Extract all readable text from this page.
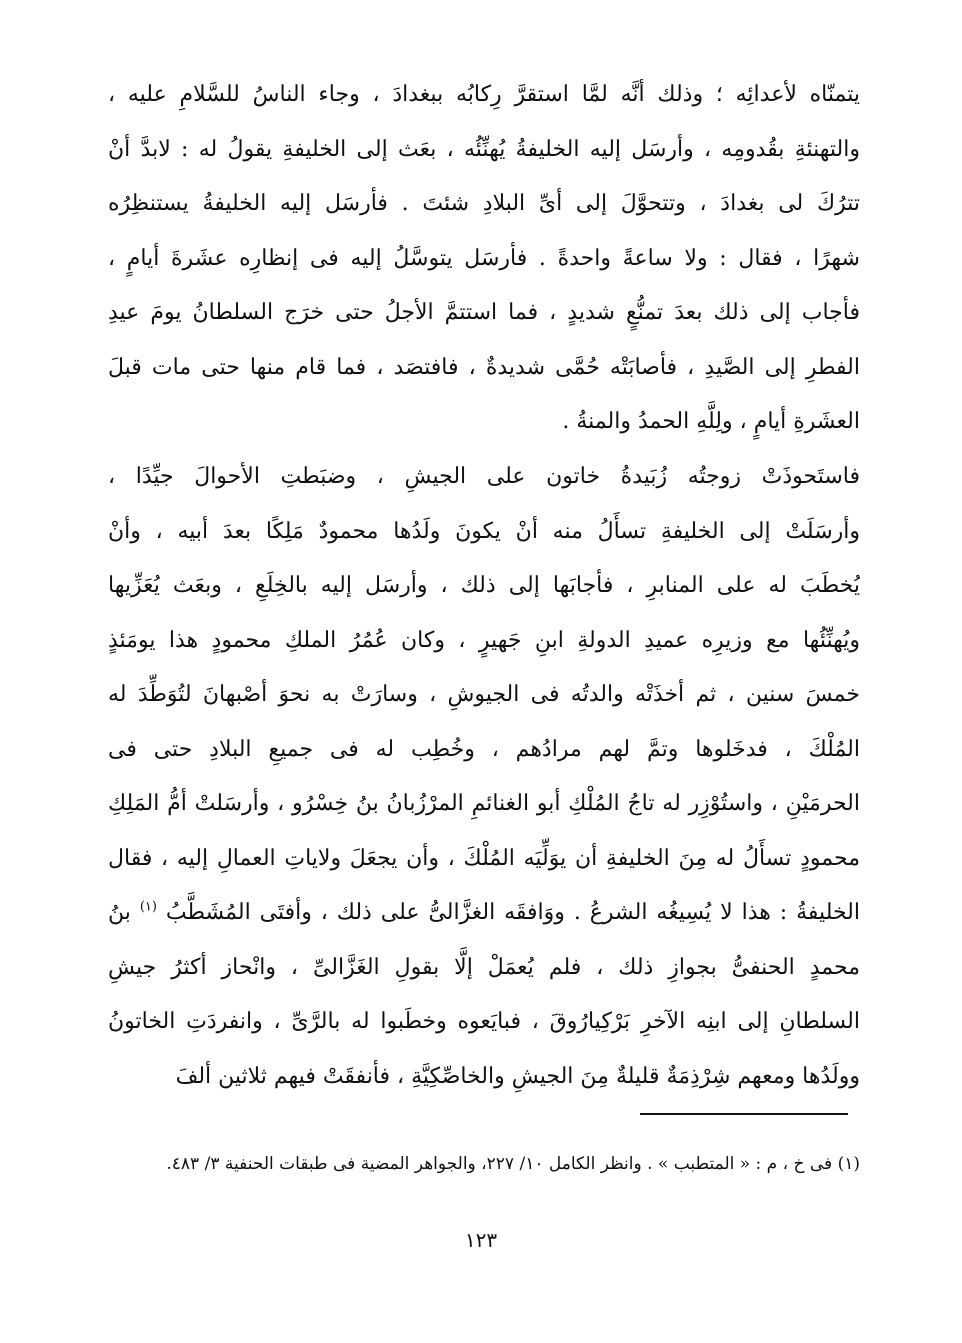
يتمنّاه لأعدائِه ؛ وذلك أنَّه لمَّا استقرَّ رِكابُه ببغدادَ ، وجاء الناسُ للسَّلامِ عليه ،
والتهنئةِ بقُدومِه ، وأرسَل إليه الخليفةُ يُهنِّئُه ، بعَث إلى الخليفةِ يقولُ له : لابدَّ أنْ
تترُكَ لى بغدادَ ، وتتحوَّلَ إلى أىِّ البلادِ شئتَ . فأرسَل إليه الخليفةُ يستنظِرُه
شهرًا ، فقال : ولا ساعةً واحدةً . فأرسَل يتوسَّلُ إليه فى إنظارِه عشَرةَ أيامٍ ،
فأجاب إلى ذلك بعدَ تمنُّعٍ شديدٍ ، فما استتمَّ الأجلُ حتى خرَج السلطانُ يومَ عيدِ
الفطرِ إلى الصَّيدِ ، فأصابَتْه حُمَّى شديدةٌ ، فافتصَد ، فما قام منها حتى مات قبلَ
العشَرةِ أيامٍ ، ولِلَّهِ الحمدُ والمنةُ .
فاستَحوذَتْ زوجتُه زُبَيدةُ خاتون على الجيشِ ، وضبَطتِ الأحوالَ جيِّدًا ،
وأرسَلَتْ إلى الخليفةِ تسأَلُ منه أنْ يكونَ ولَدُها محمودٌ مَلِكًا بعدَ أبيه ، وأنْ
يُخطَبَ له على المنابرِ ، فأجابَها إلى ذلك ، وأرسَل إليه بالخِلَعِ ، وبعَث يُعَزِّيها
ويُهنِّئُها مع وزيرِه عميدِ الدولةِ ابنِ جَهيرٍ ، وكان عُمُرُ الملكِ محمودٍ هذا يومَئذٍ
خمسَ سنين ، ثم أخذَتْه والدتُه فى الجيوشِ ، وسارَتْ به نحوَ أصْبهانَ لتُوَطِّدَ له
المُلْكَ ، فدخَلوها وتمَّ لهم مرادُهم ، وخُطِب له فى جميعِ البلادِ حتى فى
الحرمَيْنِ ، واستُوْزِر له تاجُ المُلْكِ أبو الغنائمِ المرْزُبانُ بنُ خِسْرُو ، وأرسَلتْ أمُّ المَلِكِ
محمودٍ تسأَلُ له مِنَ الخليفةِ أن يوَلِّيَه المُلْكَ ، وأن يجعَلَ ولاياتِ العمالِ إليه ، فقال
الخليفةُ : هذا لا يُسِيغُه الشرعُ . ووَافقَه الغزَّالىُّ على ذلك ، وأفتَى المُشَطَّبُ $^{(١)}$ بنُ
محمدٍ الحنفىُّ بجوازِ ذلك ، فلم يُعمَلْ إلَّا بقولِ الغَزَّالىِّ ، وانْحاز أكثرُ جيشِ
السلطانِ إلى ابنِه الآخرِ بَرْكِيارُوقَ ، فبايَعوه وخطَبوا له بالرَّىِّ ، وانفردَتِ الخاتونُ
وولَدُها ومعهم شِرْذِمَةٌ قليلةٌ مِنَ الجيشِ والخاصِّكِيَّةِ ، فأنفقَتْ فيهم ثلاثين ألفَ
(١) فى خ ، م : « المتطبب » . وانظر الكامل ١٠/ ٢٢٧، والجواهر المضية فى طبقات الحنفية ٣/ ٤٨٣.
١٢٣
